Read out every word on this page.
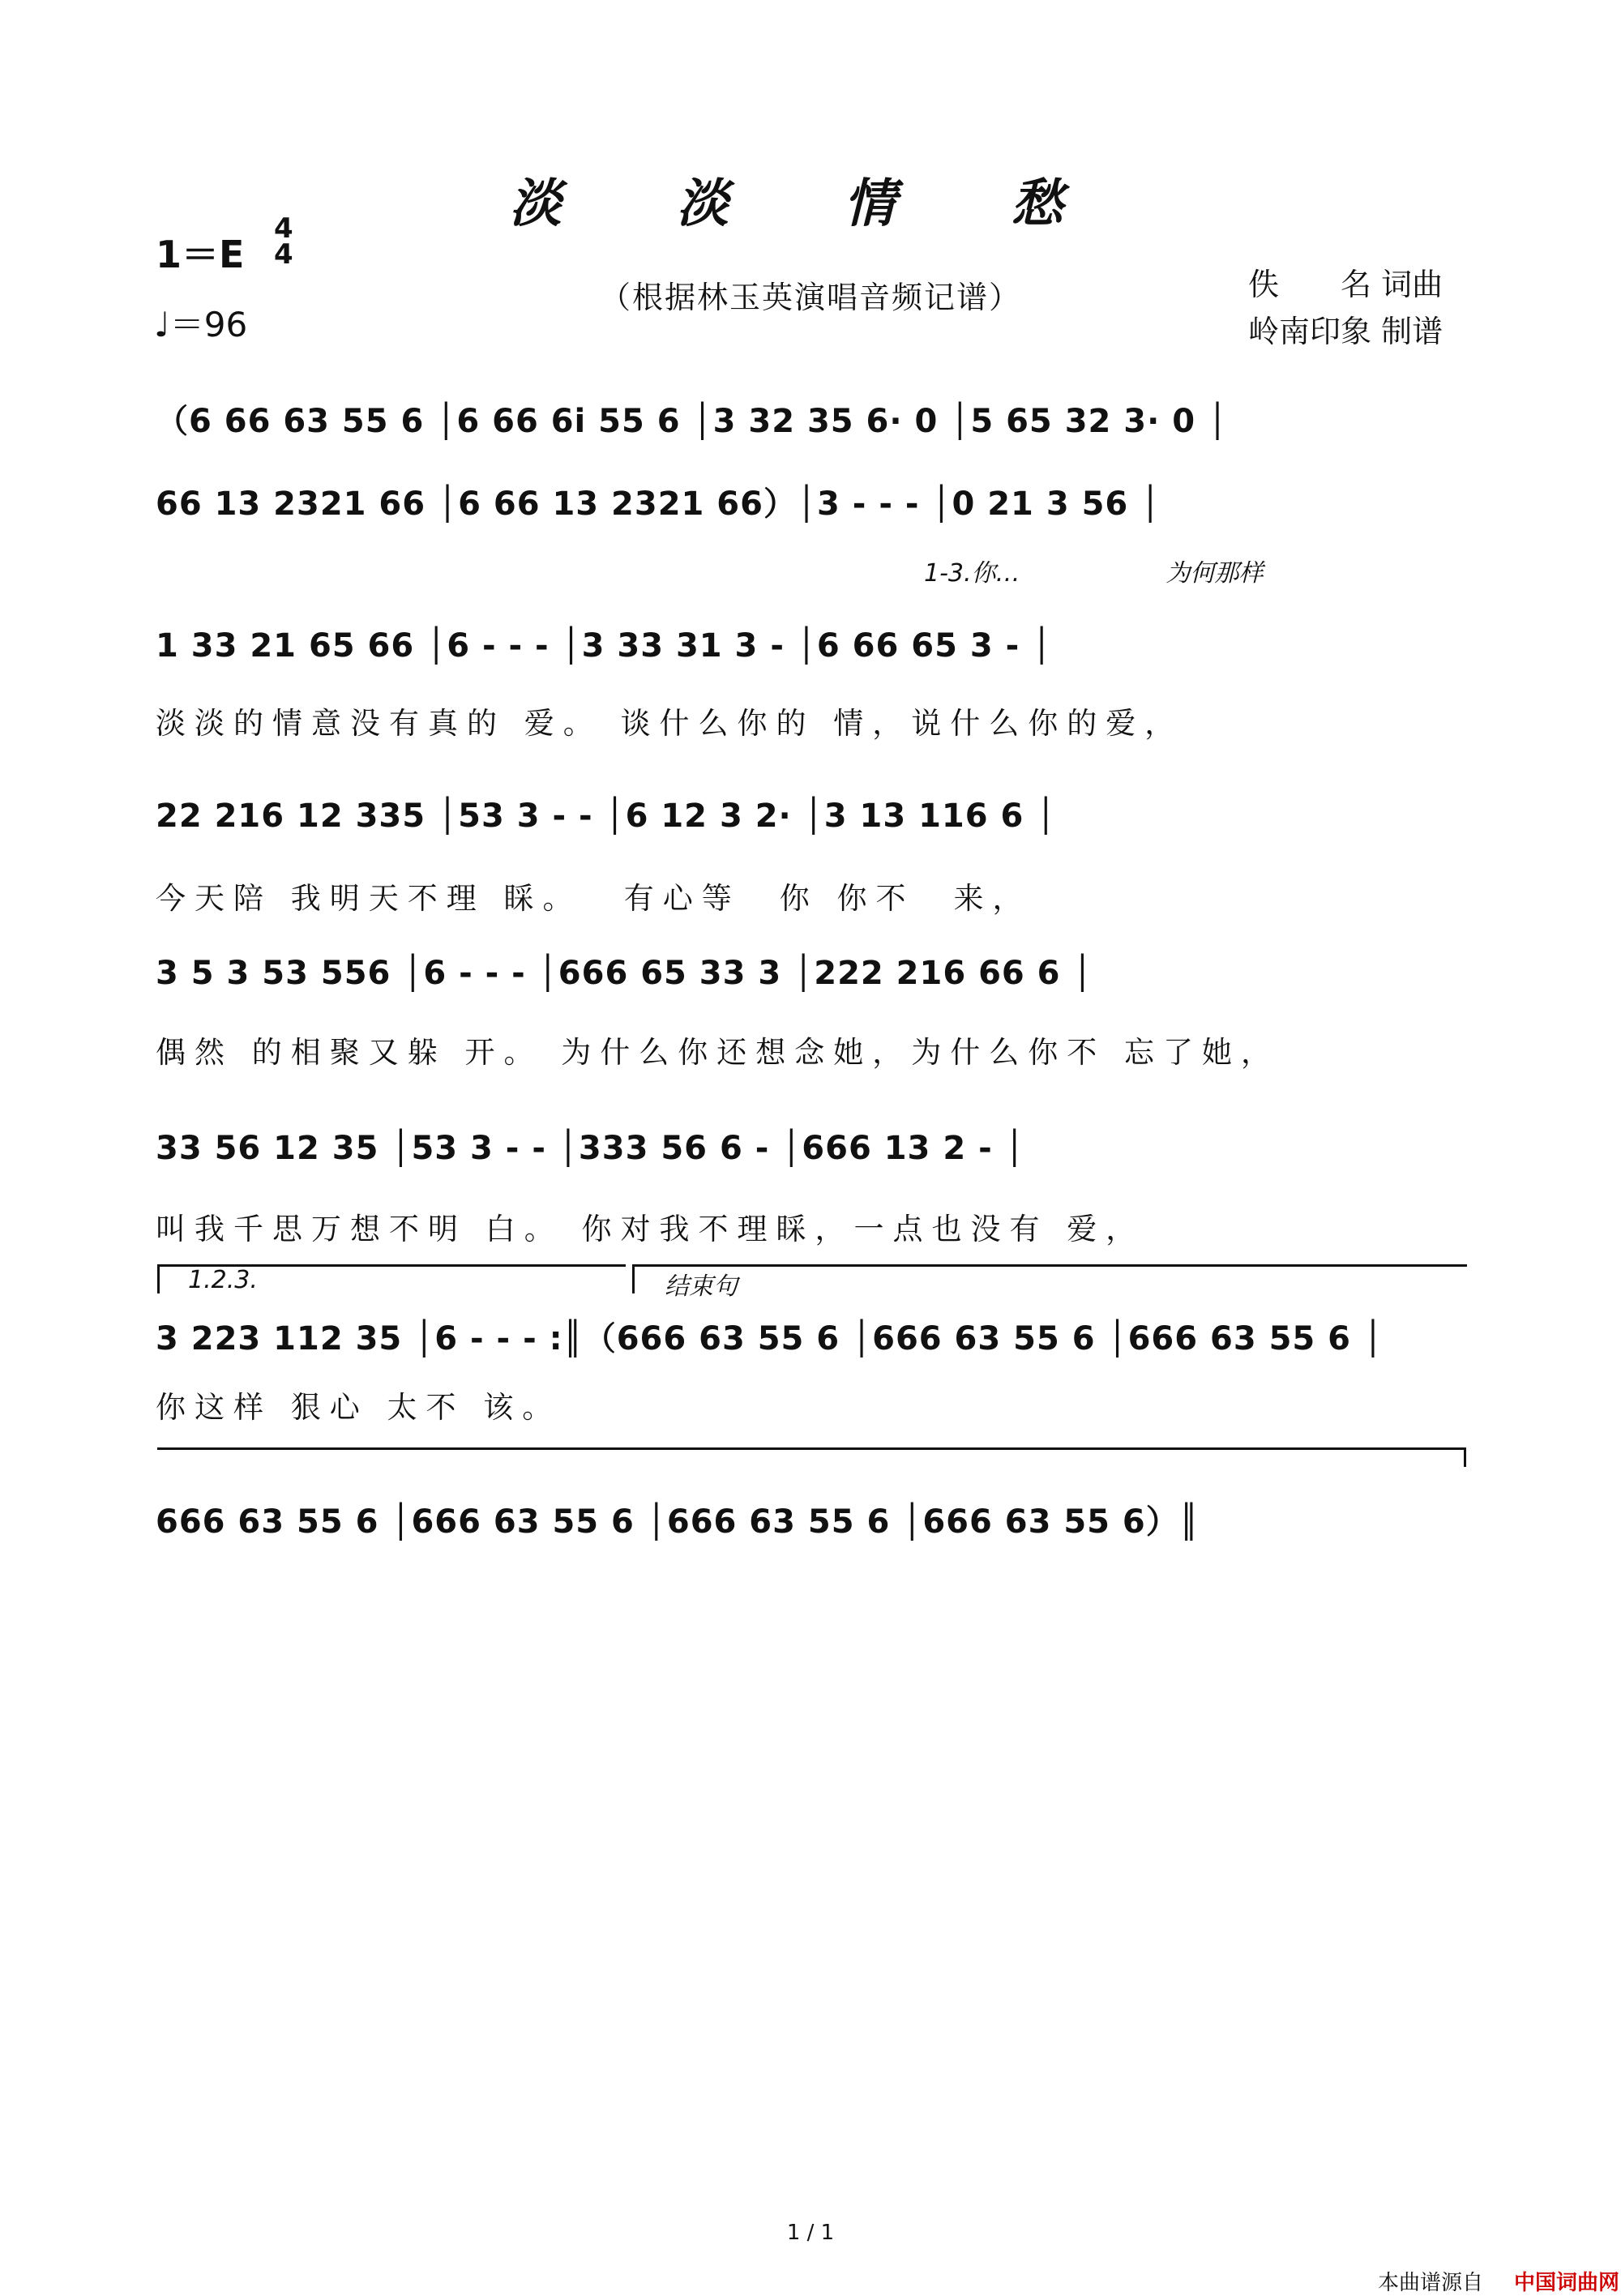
淡 淡 情 愁
（根据林玉英演唱音频记谱）
1＝E
4
4
♩＝96
佚　　名 词曲
岭南印象 制谱
（6 66 63 55 6 │6 66 6i 55 6 │3 32 35 6· 0 │5 65 32 3· 0 │
66 13 2321 66 │6 66 13 2321 66）│3 - - - │0 21 3 56 │
1-3.你…　　　　　　为何那样
1 33 21 65 66 │6 - - - │3 33 31 3 - │6 66 65 3 - │
淡淡的情意没有真的 爱。 谈什么你的 情，说什么你的爱，
22 216 12 335 │53 3 - - │6 12 3 2· │3 13 116 6 │
今天陪 我明天不理 睬。　 有心等　你 你不　来，
3 5 3 53 556 │6 - - - │666 65 33 3 │222 216 66 6 │
偶然 的相聚又躲 开。 为什么你还想念她，为什么你不 忘了她，
33 56 12 35 │53 3 - - │333 56 6 - │666 13 2 - │
叫我千思万想不明 白。 你对我不理睬，一点也没有 爱，
1.2.3.	结束句
3 223 112 35 │6 - - - :║（666 63 55 6 │666 63 55 6 │666 63 55 6 │
你这样 狠心 太不 该。
666 63 55 6 │666 63 55 6 │666 63 55 6 │666 63 55 6）║
1 / 1
本曲谱源自 中国词曲网
